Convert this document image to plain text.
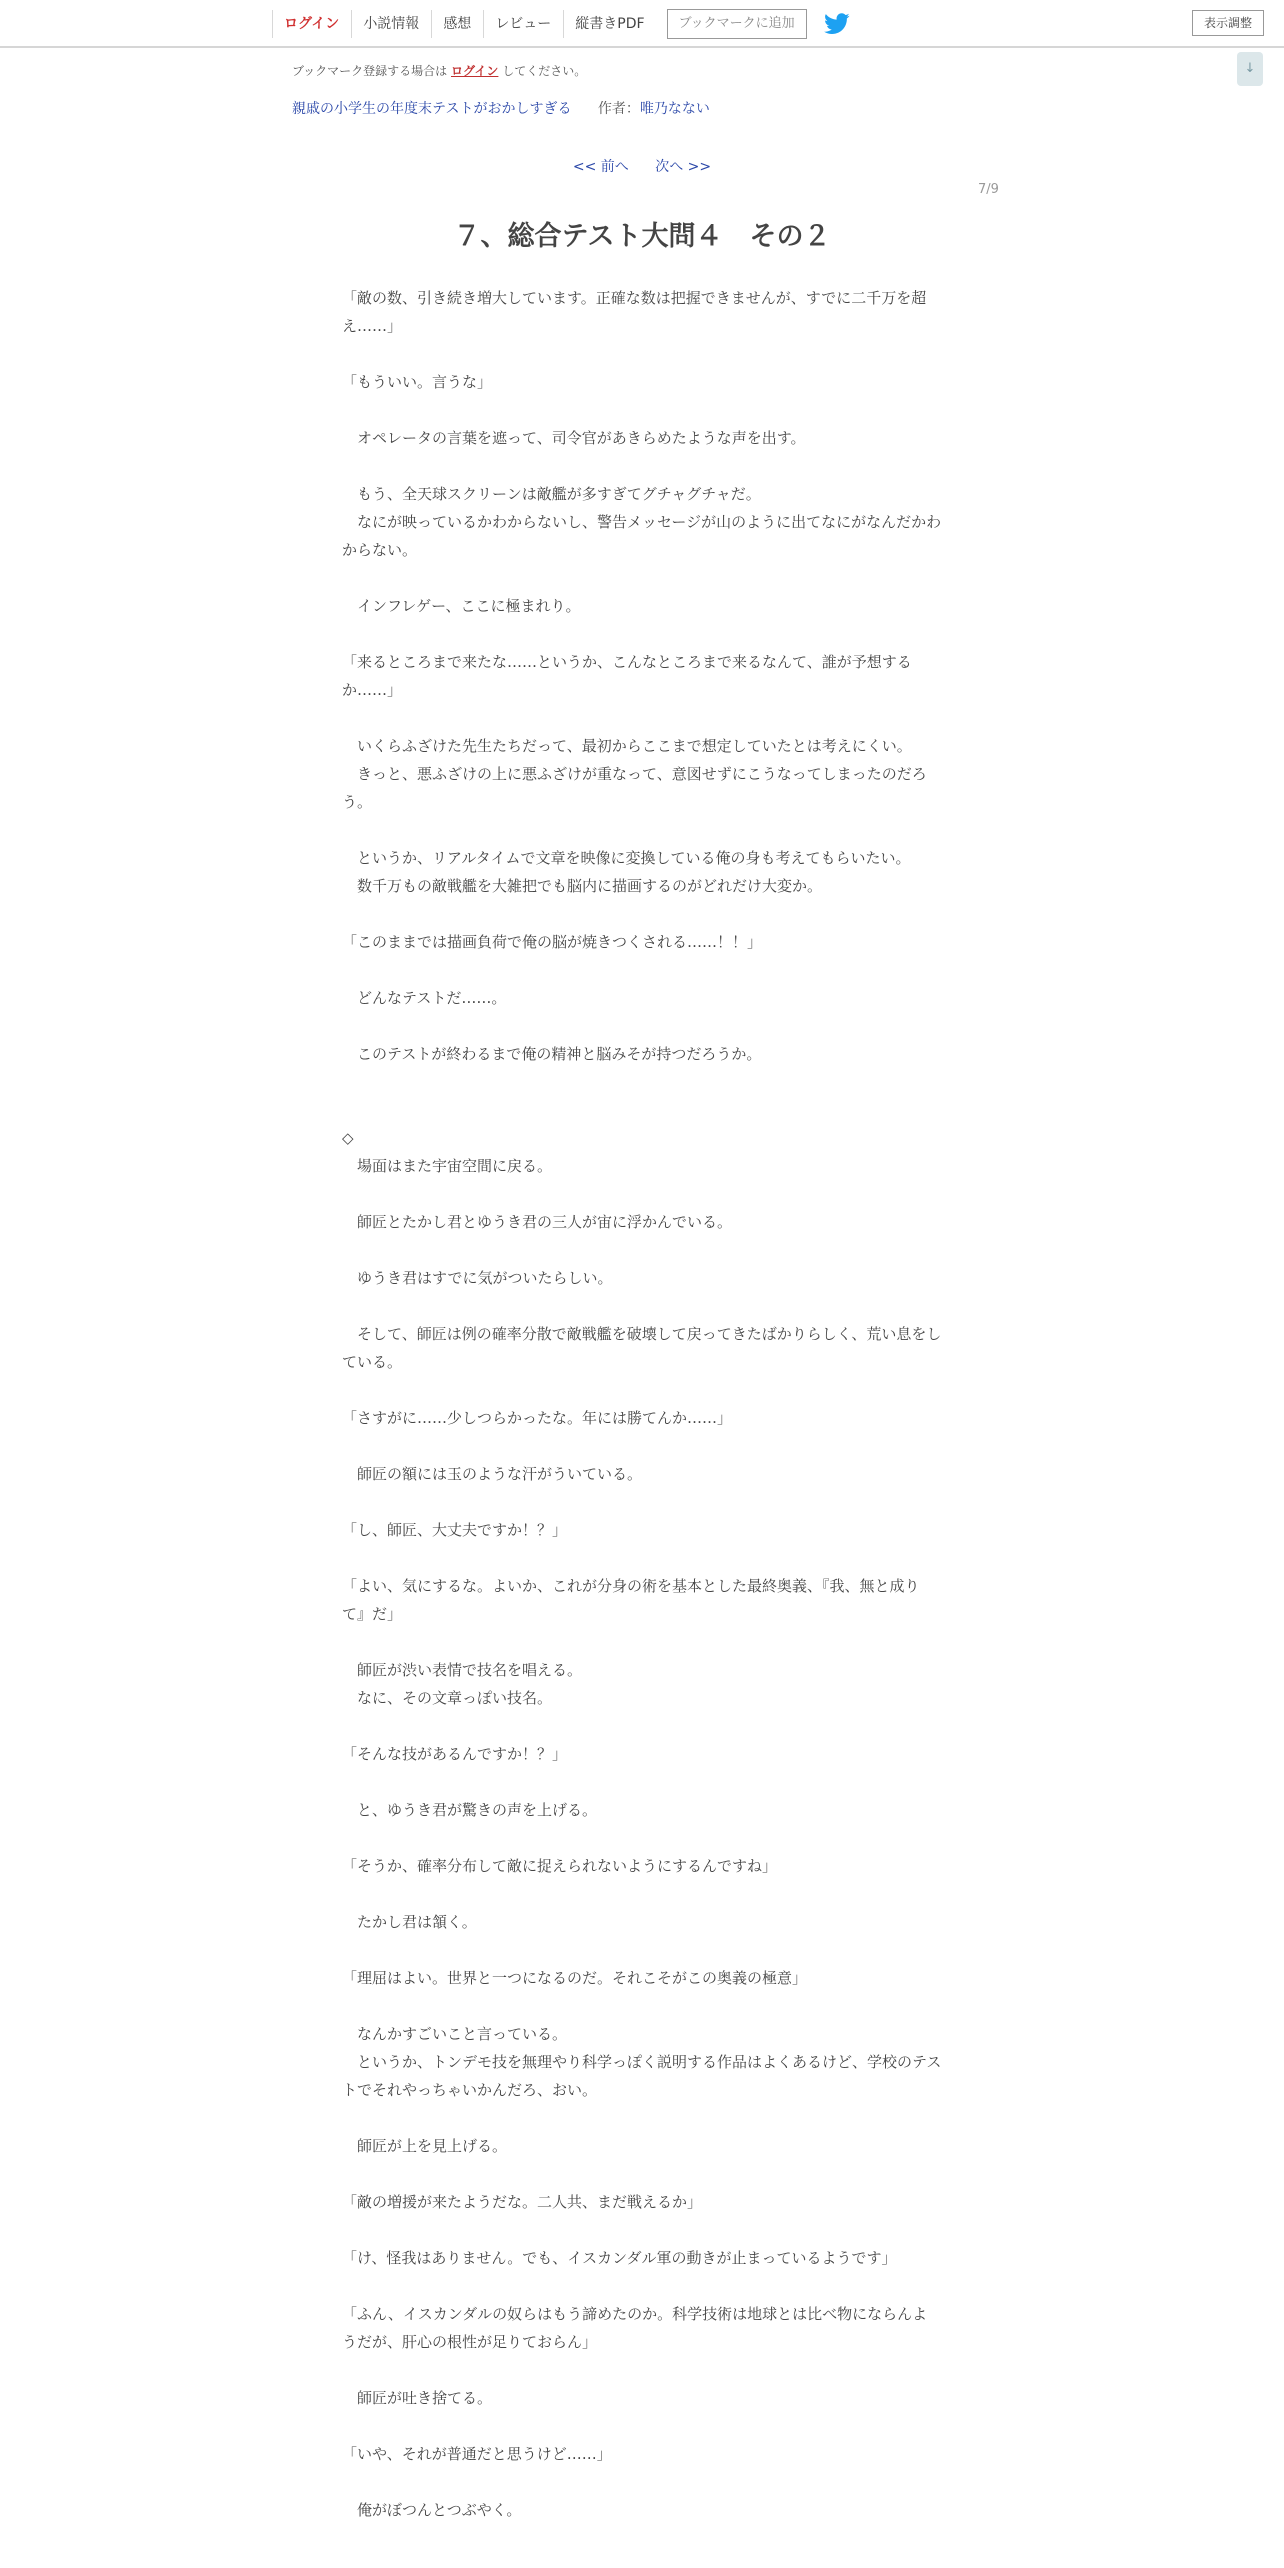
ログイン	小説情報	感想	レビュー	縦書きPDF	ブックマークに追加	表示調整
↓
ブックマーク登録する場合は ログイン してください。
親戚の小学生の年度末テストがおかしすぎる 作者：唯乃なない
<< 前へ 次へ >>
7/9
７、総合テスト大問４　その２

「敵の数、引き続き増大しています。正確な数は把握できませんが、すでに二千万を超え……」

「もういい。言うな」

　オペレータの言葉を遮って、司令官があきらめたような声を出す。

　もう、全天球スクリーンは敵艦が多すぎてグチャグチャだ。

　なにが映っているかわからないし、警告メッセージが山のように出てなにがなんだかわからない。

　インフレゲー、ここに極まれり。

「来るところまで来たな……というか、こんなところまで来るなんて、誰が予想するか……」

　いくらふざけた先生たちだって、最初からここまで想定していたとは考えにくい。

　きっと、悪ふざけの上に悪ふざけが重なって、意図せずにこうなってしまったのだろう。

　というか、リアルタイムで文章を映像に変換している俺の身も考えてもらいたい。

　数千万もの敵戦艦を大雑把でも脳内に描画するのがどれだけ大変か。

「このままでは描画負荷で俺の脳が焼きつくされる……！！」

　どんなテストだ……。

　このテストが終わるまで俺の精神と脳みそが持つだろうか。

◇

　場面はまた宇宙空間に戻る。

　師匠とたかし君とゆうき君の三人が宙に浮かんでいる。

　ゆうき君はすでに気がついたらしい。

　そして、師匠は例の確率分散で敵戦艦を破壊して戻ってきたばかりらしく、荒い息をしている。

「さすがに……少しつらかったな。年には勝てんか……」

　師匠の額には玉のような汗がういている。

「し、師匠、大丈夫ですか！？」

「よい、気にするな。よいか、これが分身の術を基本とした最終奥義、『我、無と成りて』だ」

　師匠が渋い表情で技名を唱える。

　なに、その文章っぽい技名。

「そんな技があるんですか！？」

　と、ゆうき君が驚きの声を上げる。

「そうか、確率分布して敵に捉えられないようにするんですね」

　たかし君は頷く。

「理屈はよい。世界と一つになるのだ。それこそがこの奥義の極意」

　なんかすごいこと言っている。

　というか、トンデモ技を無理やり科学っぽく説明する作品はよくあるけど、学校のテストでそれやっちゃいかんだろ、おい。

　師匠が上を見上げる。

「敵の増援が来たようだな。二人共、まだ戦えるか」

「け、怪我はありません。でも、イスカンダル軍の動きが止まっているようです」

「ふん、イスカンダルの奴らはもう諦めたのか。科学技術は地球とは比べ物にならんようだが、肝心の根性が足りておらん」

　師匠が吐き捨てる。

「いや、それが普通だと思うけど……」

　俺がぼつんとつぶやく。
